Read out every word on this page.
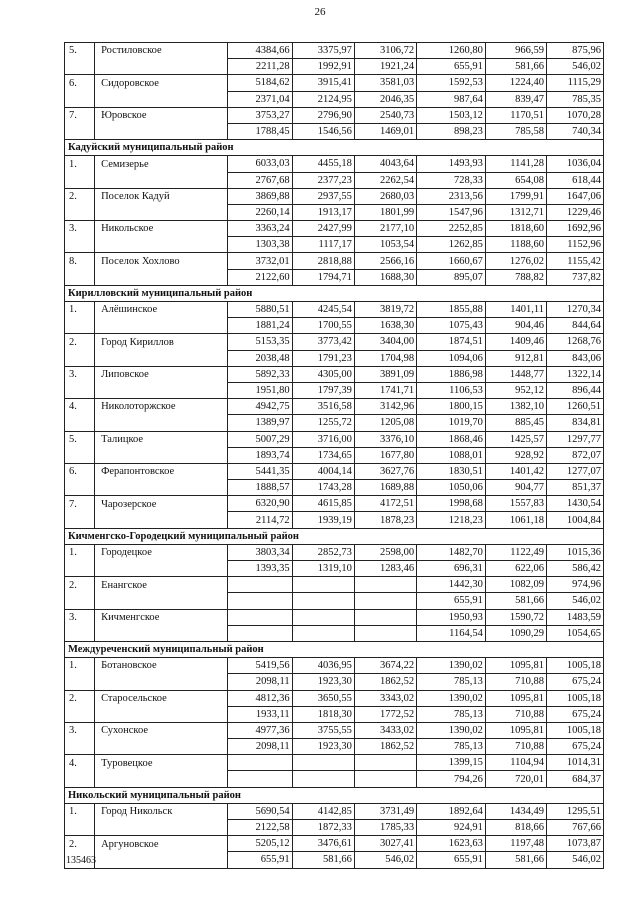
26
5.	Ростиловское	4384,66	3375,97	3106,72	1260,80	966,59	875,96
		2211,28	1992,91	1921,24	655,91	581,66	546,02
6.	Сидоровское	5184,62	3915,41	3581,03	1592,53	1224,40	1115,29
		2371,04	2124,95	2046,35	987,64	839,47	785,35
7.	Юровское	3753,27	2796,90	2540,73	1503,12	1170,51	1070,28
		1788,45	1546,56	1469,01	898,23	785,58	740,34
Кадуйский муниципальный район							
1.	Семизерье	6033,03	4455,18	4043,64	1493,93	1141,28	1036,04
		2767,68	2377,23	2262,54	728,33	654,08	618,44
2.	Поселок Кадуй	3869,88	2937,55	2680,03	2313,56	1799,91	1647,06
		2260,14	1913,17	1801,99	1547,96	1312,71	1229,46
3.	Никольское	3363,24	2427,99	2177,10	2252,85	1818,60	1692,96
		1303,38	1117,17	1053,54	1262,85	1188,60	1152,96
8.	Поселок Хохлово	3732,01	2818,88	2566,16	1660,67	1276,02	1155,42
		2122,60	1794,71	1688,30	895,07	788,82	737,82
Кирилловский муниципальный район							
1.	Алёшинское	5880,51	4245,54	3819,72	1855,88	1401,11	1270,34
		1881,24	1700,55	1638,30	1075,43	904,46	844,64
2.	Город Кириллов	5153,35	3773,42	3404,00	1874,51	1409,46	1268,76
		2038,48	1791,23	1704,98	1094,06	912,81	843,06
3.	Липовское	5892,33	4305,00	3891,09	1886,98	1448,77	1322,14
		1951,80	1797,39	1741,71	1106,53	952,12	896,44
4.	Николоторжское	4942,75	3516,58	3142,96	1800,15	1382,10	1260,51
		1389,97	1255,72	1205,08	1019,70	885,45	834,81
5.	Талицкое	5007,29	3716,00	3376,10	1868,46	1425,57	1297,77
		1893,74	1734,65	1677,80	1088,01	928,92	872,07
6.	Ферапонтовское	5441,35	4004,14	3627,76	1830,51	1401,42	1277,07
		1888,57	1743,28	1689,88	1050,06	904,77	851,37
7.	Чарозерское	6320,90	4615,85	4172,51	1998,68	1557,83	1430,54
		2114,72	1939,19	1878,23	1218,23	1061,18	1004,84
Кичменгско-Городецкий муниципальный район							
1.	Городецкое	3803,34	2852,73	2598,00	1482,70	1122,49	1015,36
		1393,35	1319,10	1283,46	696,31	622,06	586,42
2.	Енангское				1442,30	1082,09	974,96
					655,91	581,66	546,02
3.	Кичменгское				1950,93	1590,72	1483,59
					1164,54	1090,29	1054,65
Междуреченский муниципальный район							
1.	Ботановское	5419,56	4036,95	3674,22	1390,02	1095,81	1005,18
		2098,11	1923,30	1862,52	785,13	710,88	675,24
2.	Старосельское	4812,36	3650,55	3343,02	1390,02	1095,81	1005,18
		1933,11	1818,30	1772,52	785,13	710,88	675,24
3.	Сухонское	4977,36	3755,55	3433,02	1390,02	1095,81	1005,18
		2098,11	1923,30	1862,52	785,13	710,88	675,24
4.	Туровецкое				1399,15	1104,94	1014,31
					794,26	720,01	684,37
Никольский муниципальный район							
1.	Город Никольск	5690,54	4142,85	3731,49	1892,64	1434,49	1295,51
		2122,58	1872,33	1785,33	924,91	818,66	767,66
2.	Аргуновское	5205,12	3476,61	3027,41	1623,63	1197,48	1073,87
		655,91	581,66	546,02	655,91	581,66	546,02
135463
